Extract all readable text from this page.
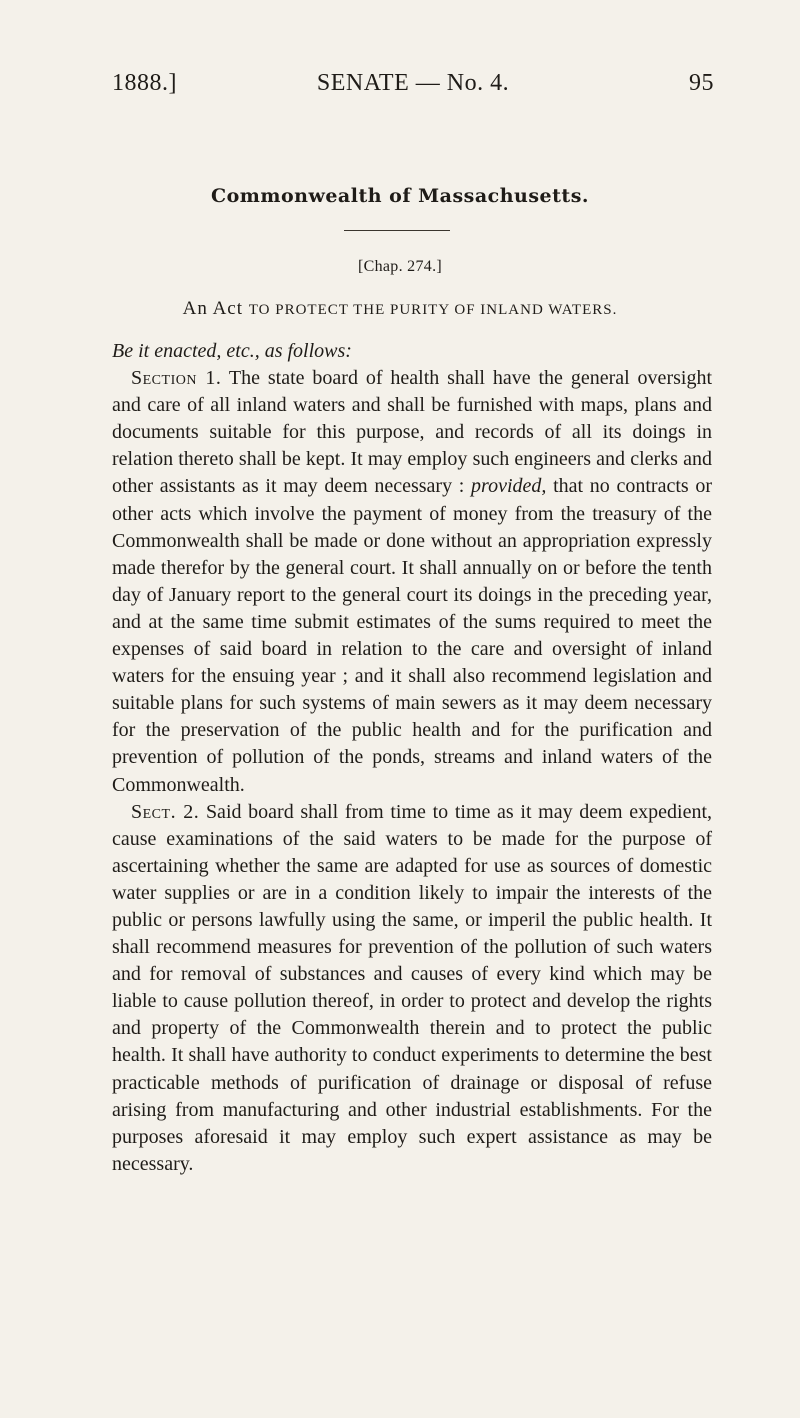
1888.]	SENATE — No. 4.	95
Commonwealth of Massachusetts.
[Chap. 274.]
An Act TO PROTECT THE PURITY OF INLAND WATERS.

Be it enacted, etc., as follows:

Section 1. The state board of health shall have the general oversight and care of all inland waters and shall be furnished with maps, plans and documents suitable for this purpose, and records of all its doings in relation thereto shall be kept. It may employ such engineers and clerks and other assistants as it may deem necessary : provided, that no contracts or other acts which involve the payment of money from the treasury of the Commonwealth shall be made or done without an appropriation expressly made therefor by the general court. It shall annually on or before the tenth day of January report to the general court its doings in the preceding year, and at the same time submit estimates of the sums required to meet the expenses of said board in relation to the care and oversight of inland waters for the ensuing year ; and it shall also recommend legislation and suitable plans for such systems of main sewers as it may deem necessary for the preservation of the public health and for the purification and prevention of pollution of the ponds, streams and inland waters of the Commonwealth.

Sect. 2. Said board shall from time to time as it may deem expedient, cause examinations of the said waters to be made for the purpose of ascertaining whether the same are adapted for use as sources of domestic water supplies or are in a condition likely to impair the interests of the public or persons lawfully using the same, or imperil the public health. It shall recommend measures for prevention of the pollution of such waters and for removal of substances and causes of every kind which may be liable to cause pollution thereof, in order to protect and develop the rights and property of the Commonwealth therein and to protect the public health. It shall have authority to conduct experiments to determine the best practicable methods of purification of drainage or disposal of refuse arising from manufacturing and other industrial establishments. For the purposes aforesaid it may employ such expert assistance as may be necessary.
